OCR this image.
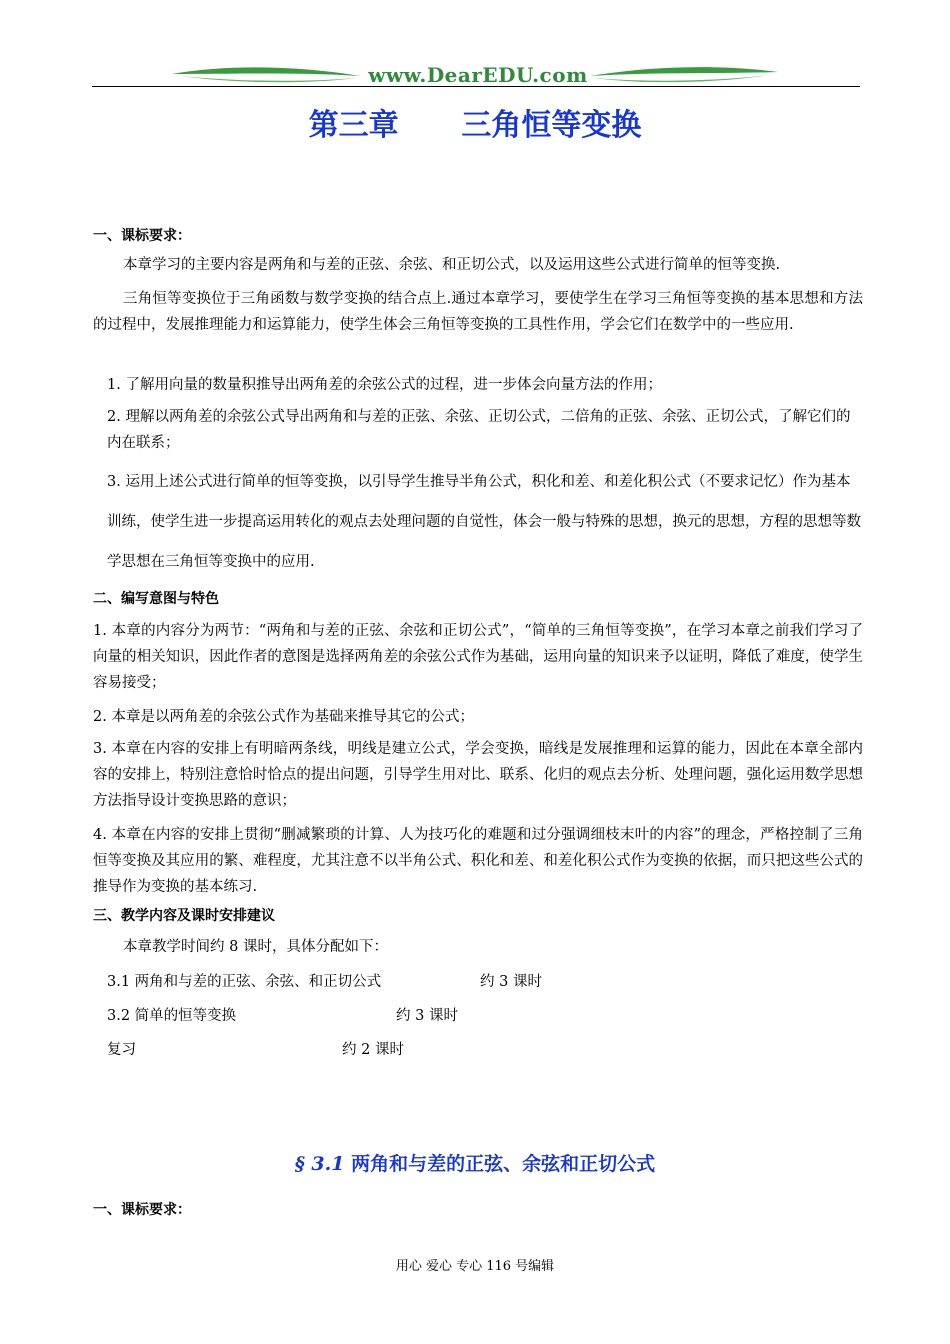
www.DearEDU.com
第三章      三角恒等变换
一、课标要求：
本章学习的主要内容是两角和与差的正弦、余弦、和正切公式，以及运用这些公式进行简单的恒等变换.
三角恒等变换位于三角函数与数学变换的结合点上.通过本章学习，要使学生在学习三角恒等变换的基本思想和方法的过程中，发展推理能力和运算能力，使学生体会三角恒等变换的工具性作用，学会它们在数学中的一些应用.
1. 了解用向量的数量积推导出两角差的余弦公式的过程，进一步体会向量方法的作用；
2. 理解以两角差的余弦公式导出两角和与差的正弦、余弦、正切公式，二倍角的正弦、余弦、正切公式，了解它们的内在联系；
3. 运用上述公式进行简单的恒等变换，以引导学生推导半角公式，积化和差、和差化积公式（不要求记忆）作为基本训练，使学生进一步提高运用转化的观点去处理问题的自觉性，体会一般与特殊的思想，换元的思想，方程的思想等数学思想在三角恒等变换中的应用.
二、编写意图与特色
1. 本章的内容分为两节：“两角和与差的正弦、余弦和正切公式”，“简单的三角恒等变换”，在学习本章之前我们学习了向量的相关知识，因此作者的意图是选择两角差的余弦公式作为基础，运用向量的知识来予以证明，降低了难度，使学生容易接受；
2. 本章是以两角差的余弦公式作为基础来推导其它的公式；
3. 本章在内容的安排上有明暗两条线，明线是建立公式，学会变换，暗线是发展推理和运算的能力，因此在本章全部内容的安排上，特别注意恰时恰点的提出问题，引导学生用对比、联系、化归的观点去分析、处理问题，强化运用数学思想方法指导设计变换思路的意识；
4. 本章在内容的安排上贯彻“删减繁琐的计算、人为技巧化的难题和过分强调细枝末叶的内容”的理念，严格控制了三角恒等变换及其应用的繁、难程度，尤其注意不以半角公式、积化和差、和差化积公式作为变换的依据，而只把这些公式的推导作为变换的基本练习.
三、教学内容及课时安排建议
本章教学时间约 8 课时，具体分配如下：
3.1 两角和与差的正弦、余弦、和正切公式	约 3 课时
3.2 简单的恒等变换	约 3 课时
复习	约 2 课时
§ 3.1 两角和与差的正弦、余弦和正切公式
一、课标要求：
用心 爱心 专心 116 号编辑
